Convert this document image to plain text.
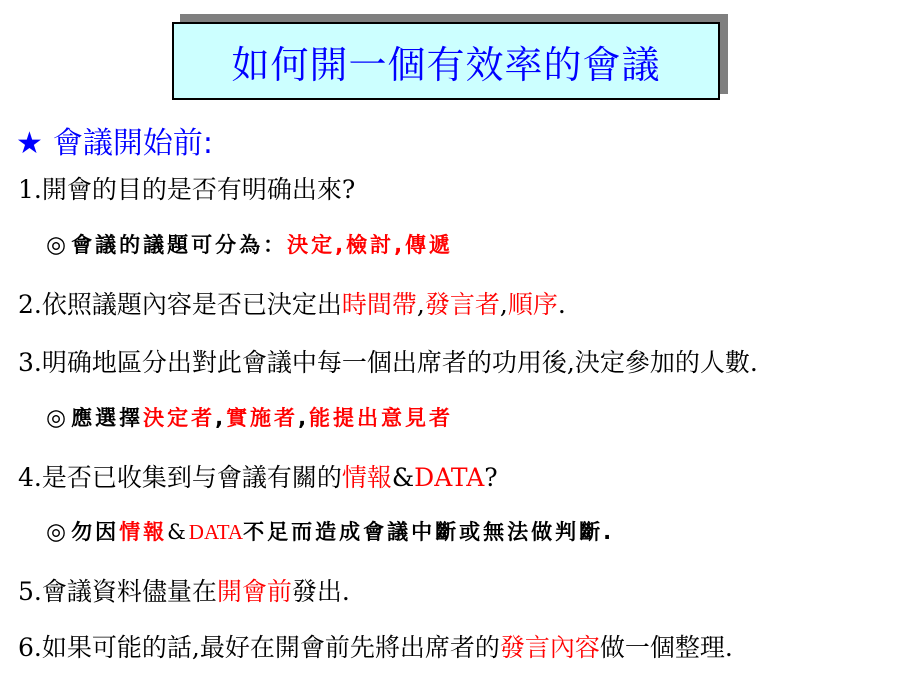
如何開一個有效率的會議
★ 會議開始前:
1.開會的目的是否有明确出來?
◎會議的議題可分為：決定,檢討,傳遞
2.依照議題內容是否已決定出時間帶,發言者,順序.
3.明确地區分出對此會議中每一個出席者的功用後,決定參加的人數.
◎應選擇決定者,實施者,能提出意見者
4.是否已收集到与會議有關的情報&DATA?
◎勿因情報&DATA不足而造成會議中斷或無法做判斷.
5.會議資料儘量在開會前發出.
6.如果可能的話,最好在開會前先將出席者的發言內容做一個整理.
